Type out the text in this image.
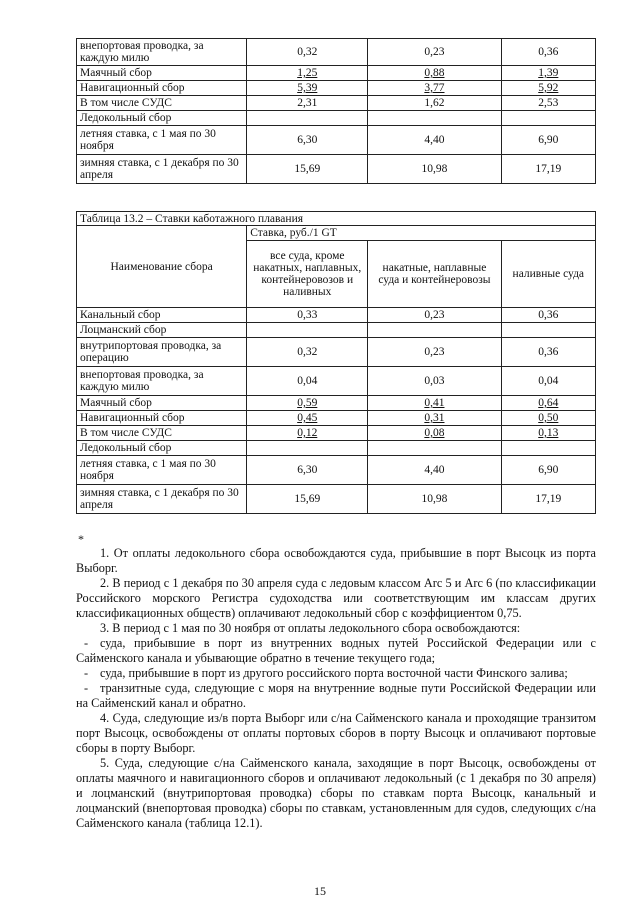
внепортовая проводка, за каждую милю	0,32	0,23	0,36
Маячный сбор	1,25	0,88	1,39
Навигационный сбор	5,39	3,77	5,92
В том числе СУДС	2,31	1,62	2,53
Ледокольный сбор			
летняя ставка, с 1 мая по 30 ноября	6,30	4,40	6,90
зимняя ставка, с 1 декабря по 30 апреля	15,69	10,98	17,19
Таблица 13.2 – Ставки каботажного плавания			
Наименование сбора	Ставка, руб./1 GT		
	все суда, кроме накатных, наплавных, контейнеровозов и наливных	накатные, наплавные суда и контейнеровозы	наливные суда
Канальный сбор	0,33	0,23	0,36
Лоцманский сбор			
внутрипортовая проводка, за операцию	0,32	0,23	0,36
внепортовая проводка, за каждую милю	0,04	0,03	0,04
Маячный сбор	0,59	0,41	0,64
Навигационный сбор	0,45	0,31	0,50
В том числе СУДС	0,12	0,08	0,13
Ледокольный сбор			
летняя ставка, с 1 мая по 30 ноября	6,30	4,40	6,90
зимняя ставка, с 1 декабря по 30 апреля	15,69	10,98	17,19
*

1. От оплаты ледокольного сбора освобождаются суда, прибывшие в порт Высоцк из порта Выборг.

2. В период с 1 декабря по 30 апреля суда с ледовым классом Arc 5 и Arc 6 (по классификации Российского морского Регистра судоходства или соответствующим им классам других классификационных обществ) оплачивают ледокольный сбор с коэффициентом 0,75.

3. В период с 1 мая по 30 ноября от оплаты ледокольного сбора освобождаются:

- суда, прибывшие в порт из внутренних водных путей Российской Федерации или с Сайменского канала и убывающие обратно в течение текущего года;

- суда, прибывшие в порт из другого российского порта восточной части Финского залива;

- транзитные суда, следующие с моря на внутренние водные пути Российской Федерации или на Сайменский канал и обратно.

4. Суда, следующие из/в порта Выборг или с/на Сайменского канала и проходящие транзитом порт Высоцк, освобождены от оплаты портовых сборов в порту Высоцк и оплачивают портовые сборы в порту Выборг.

5. Суда, следующие с/на Сайменского канала, заходящие в порт Высоцк, освобождены от оплаты маячного и навигационного сборов и оплачивают ледокольный (с 1 декабря по 30 апреля) и лоцманский (внутрипортовая проводка) сборы по ставкам порта Высоцк, канальный и лоцманский (внепортовая проводка) сборы по ставкам, установленным для судов, следующих с/на Сайменского канала (таблица 12.1).

15
